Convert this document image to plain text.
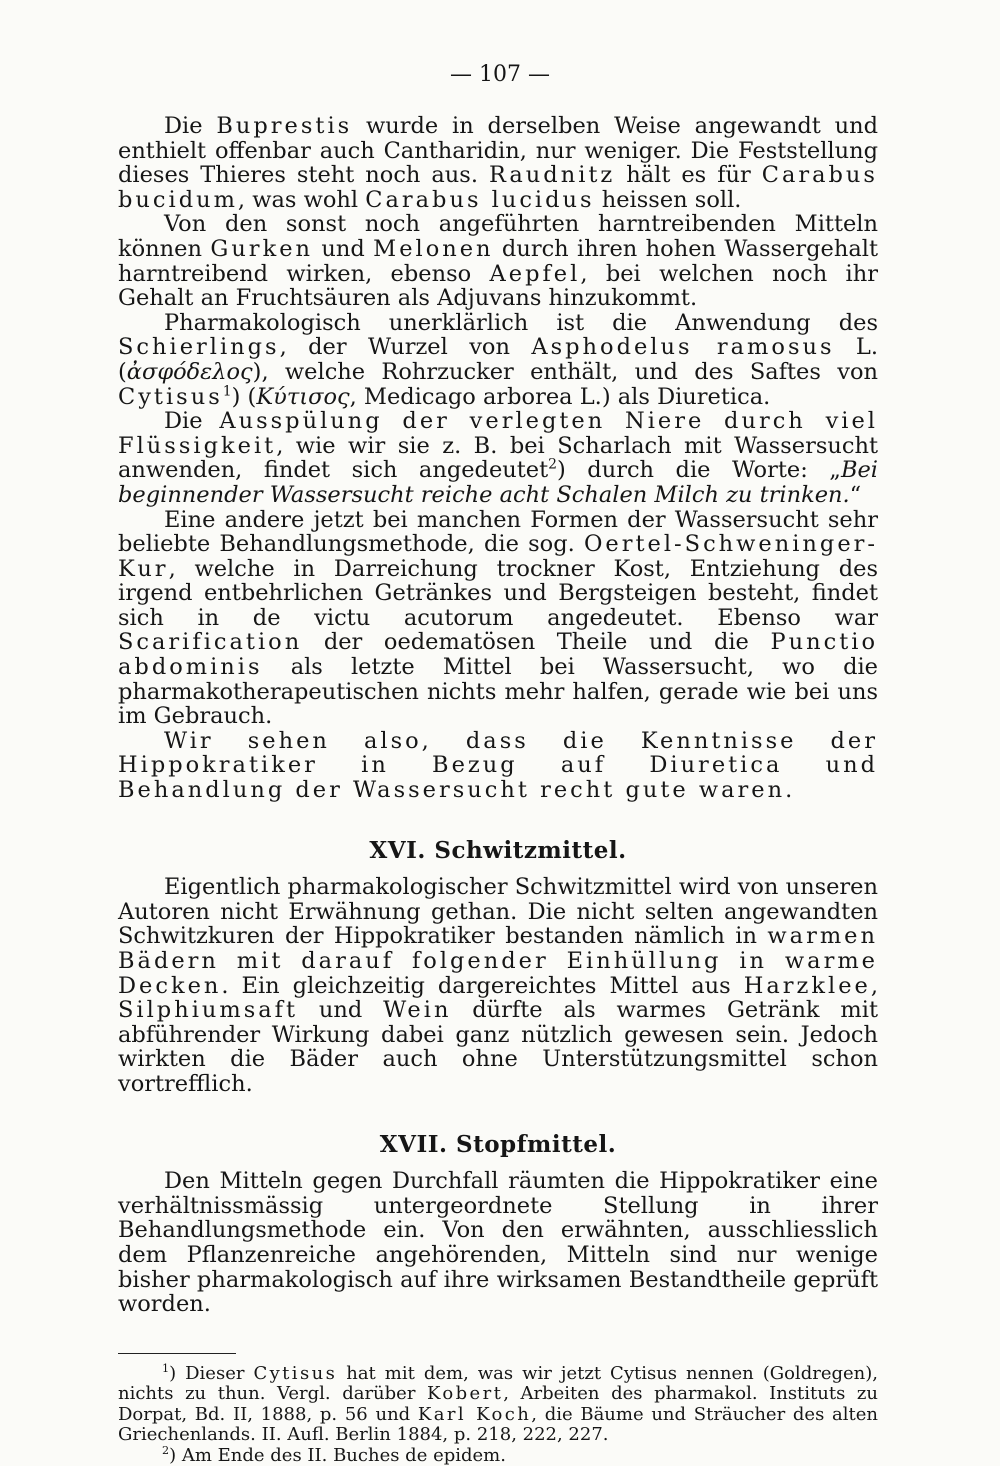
— 107 —

Die Buprestis wurde in derselben Weise angewandt und enthielt offenbar auch Cantharidin, nur weniger. Die Feststellung dieses Thieres steht noch aus. Raudnitz hält es für Carabus bucidum, was wohl Carabus lucidus heissen soll.

Von den sonst noch angeführten harntreibenden Mitteln können Gurken und Melonen durch ihren hohen Wassergehalt harntreibend wirken, ebenso Aepfel, bei welchen noch ihr Gehalt an Fruchtsäuren als Adjuvans hinzukommt.

Pharmakologisch unerklärlich ist die Anwendung des Schierlings, der Wurzel von Asphodelus ramosus L. (ἀσφόδελος), welche Rohrzucker enthält, und des Saftes von Cytisus$^1$) (Κύτισος, Medicago arborea L.) als Diuretica.

Die Ausspülung der verlegten Niere durch viel Flüssigkeit, wie wir sie z. B. bei Scharlach mit Wassersucht anwenden, findet sich angedeutet$^2$) durch die Worte: „Bei beginnender Wassersucht reiche acht Schalen Milch zu trinken.“

Eine andere jetzt bei manchen Formen der Wassersucht sehr beliebte Behandlungsmethode, die sog. Oertel-Schweninger-Kur, welche in Darreichung trockner Kost, Entziehung des irgend entbehrlichen Getränkes und Bergsteigen besteht, findet sich in de victu acutorum angedeutet. Ebenso war Scarification der oedematösen Theile und die Punctio abdominis als letzte Mittel bei Wassersucht, wo die pharmakotherapeutischen nichts mehr halfen, gerade wie bei uns im Gebrauch.

Wir sehen also, dass die Kenntnisse der Hippokratiker in Bezug auf Diuretica und Behandlung der Wassersucht recht gute waren.

XVI. Schwitzmittel.

Eigentlich pharmakologischer Schwitzmittel wird von unseren Autoren nicht Erwähnung gethan. Die nicht selten angewandten Schwitzkuren der Hippokratiker bestanden nämlich in warmen Bädern mit darauf folgender Einhüllung in warme Decken. Ein gleichzeitig dargereichtes Mittel aus Harzklee, Silphiumsaft und Wein dürfte als warmes Getränk mit abführender Wirkung dabei ganz nützlich gewesen sein. Jedoch wirkten die Bäder auch ohne Unterstützungsmittel schon vortrefflich.

XVII. Stopfmittel.

Den Mitteln gegen Durchfall räumten die Hippokratiker eine verhältnissmässig untergeordnete Stellung in ihrer Behandlungsmethode ein. Von den erwähnten, ausschliesslich dem Pflanzenreiche angehörenden, Mitteln sind nur wenige bisher pharmakologisch auf ihre wirksamen Bestandtheile geprüft worden.

$^1$) Dieser Cytisus hat mit dem, was wir jetzt Cytisus nennen (Goldregen), nichts zu thun. Vergl. darüber Kobert, Arbeiten des pharmakol. Instituts zu Dorpat, Bd. II, 1888, p. 56 und Karl Koch, die Bäume und Sträucher des alten Griechenlands. II. Aufl. Berlin 1884, p. 218, 222, 227.

$^2$) Am Ende des II. Buches de epidem.
